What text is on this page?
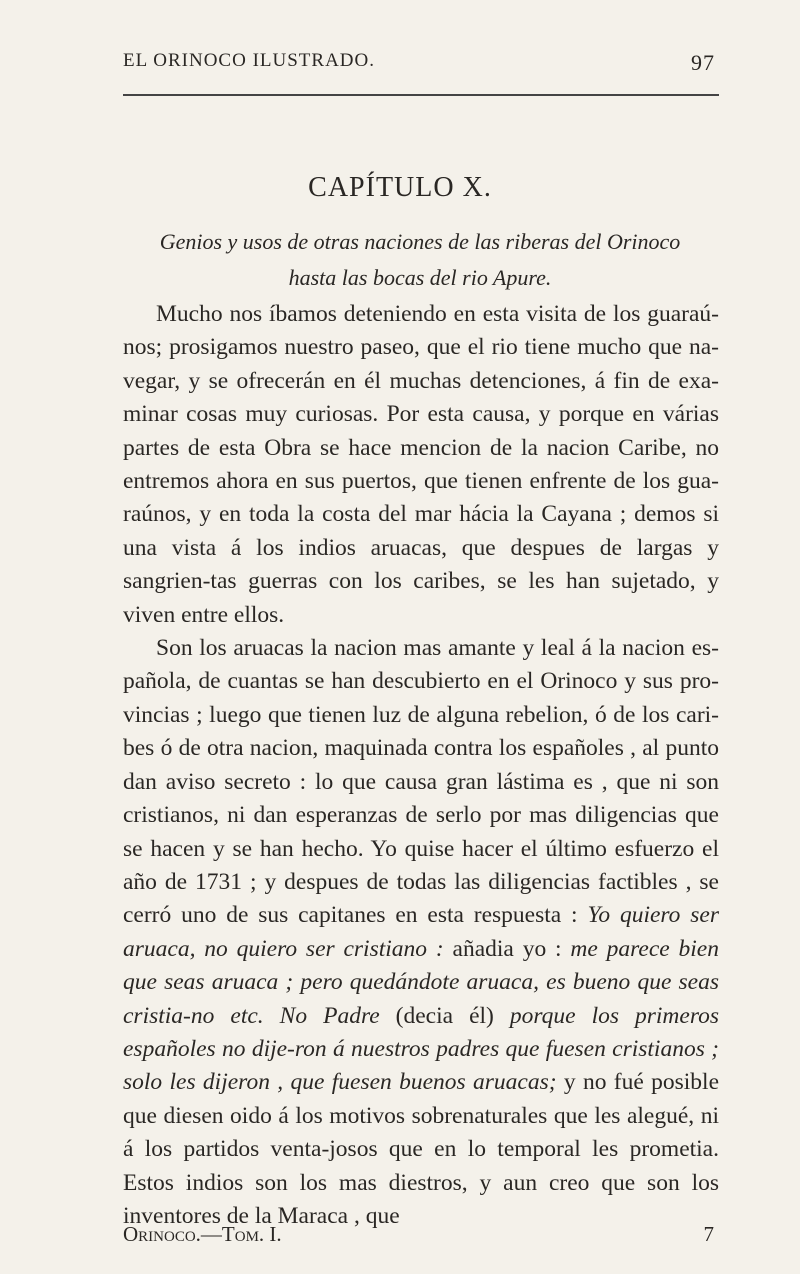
EL ORINOCO ILUSTRADO.	97
CAPÍTULO X.
Genios y usos de otras naciones de las riberas del Orinoco
hasta las bocas del rio Apure.

Mucho nos íbamos deteniendo en esta visita de los guaraú-nos; prosigamos nuestro paseo, que el rio tiene mucho que na-vegar, y se ofrecerán en él muchas detenciones, á fin de exa-minar cosas muy curiosas. Por esta causa, y porque en várias partes de esta Obra se hace mencion de la nacion Caribe, no entremos ahora en sus puertos, que tienen enfrente de los gua-raúnos, y en toda la costa del mar hácia la Cayana ; demos si una vista á los indios aruacas, que despues de largas y sangrien-tas guerras con los caribes, se les han sujetado, y viven entre ellos.

Son los aruacas la nacion mas amante y leal á la nacion es-pañola, de cuantas se han descubierto en el Orinoco y sus pro-vincias ; luego que tienen luz de alguna rebelion, ó de los cari-bes ó de otra nacion, maquinada contra los españoles , al punto dan aviso secreto : lo que causa gran lástima es , que ni son cristianos, ni dan esperanzas de serlo por mas diligencias que se hacen y se han hecho. Yo quise hacer el último esfuerzo el año de 1731 ; y despues de todas las diligencias factibles , se cerró uno de sus capitanes en esta respuesta : Yo quiero ser aruaca, no quiero ser cristiano : añadia yo : me parece bien que seas aruaca ; pero quedándote aruaca, es bueno que seas cristia-no etc. No Padre (decia él) porque los primeros españoles no dije-ron á nuestros padres que fuesen cristianos ; solo les dijeron , que fuesen buenos aruacas; y no fué posible que diesen oido á los motivos sobrenaturales que les alegué, ni á los partidos venta-josos que en lo temporal les prometia. Estos indios son los mas diestros, y aun creo que son los inventores de la Maraca , que

Orinoco.—Tom. I.	7
